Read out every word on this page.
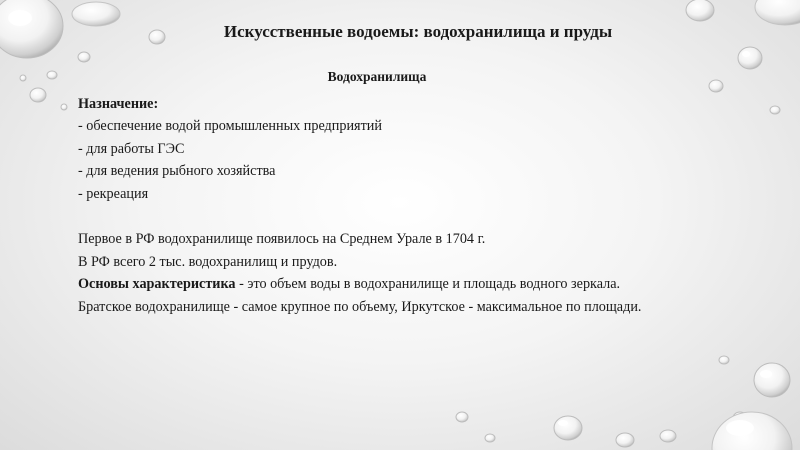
Искусственные водоемы: водохранилища и пруды

Водохранилища

Назначение:

- обеспечение водой промышленных предприятий

- для работы ГЭС

- для ведения рыбного хозяйства

- рекреация

Первое в РФ водохранилище появилось на Среднем Урале в 1704 г.

В РФ всего 2 тыс. водохранилищ и прудов.

Основы характеристика - это объем воды в водохранилище и площадь водного зеркала.

Братское водохранилище - самое крупное по объему, Иркутское - максимальное по площади.
